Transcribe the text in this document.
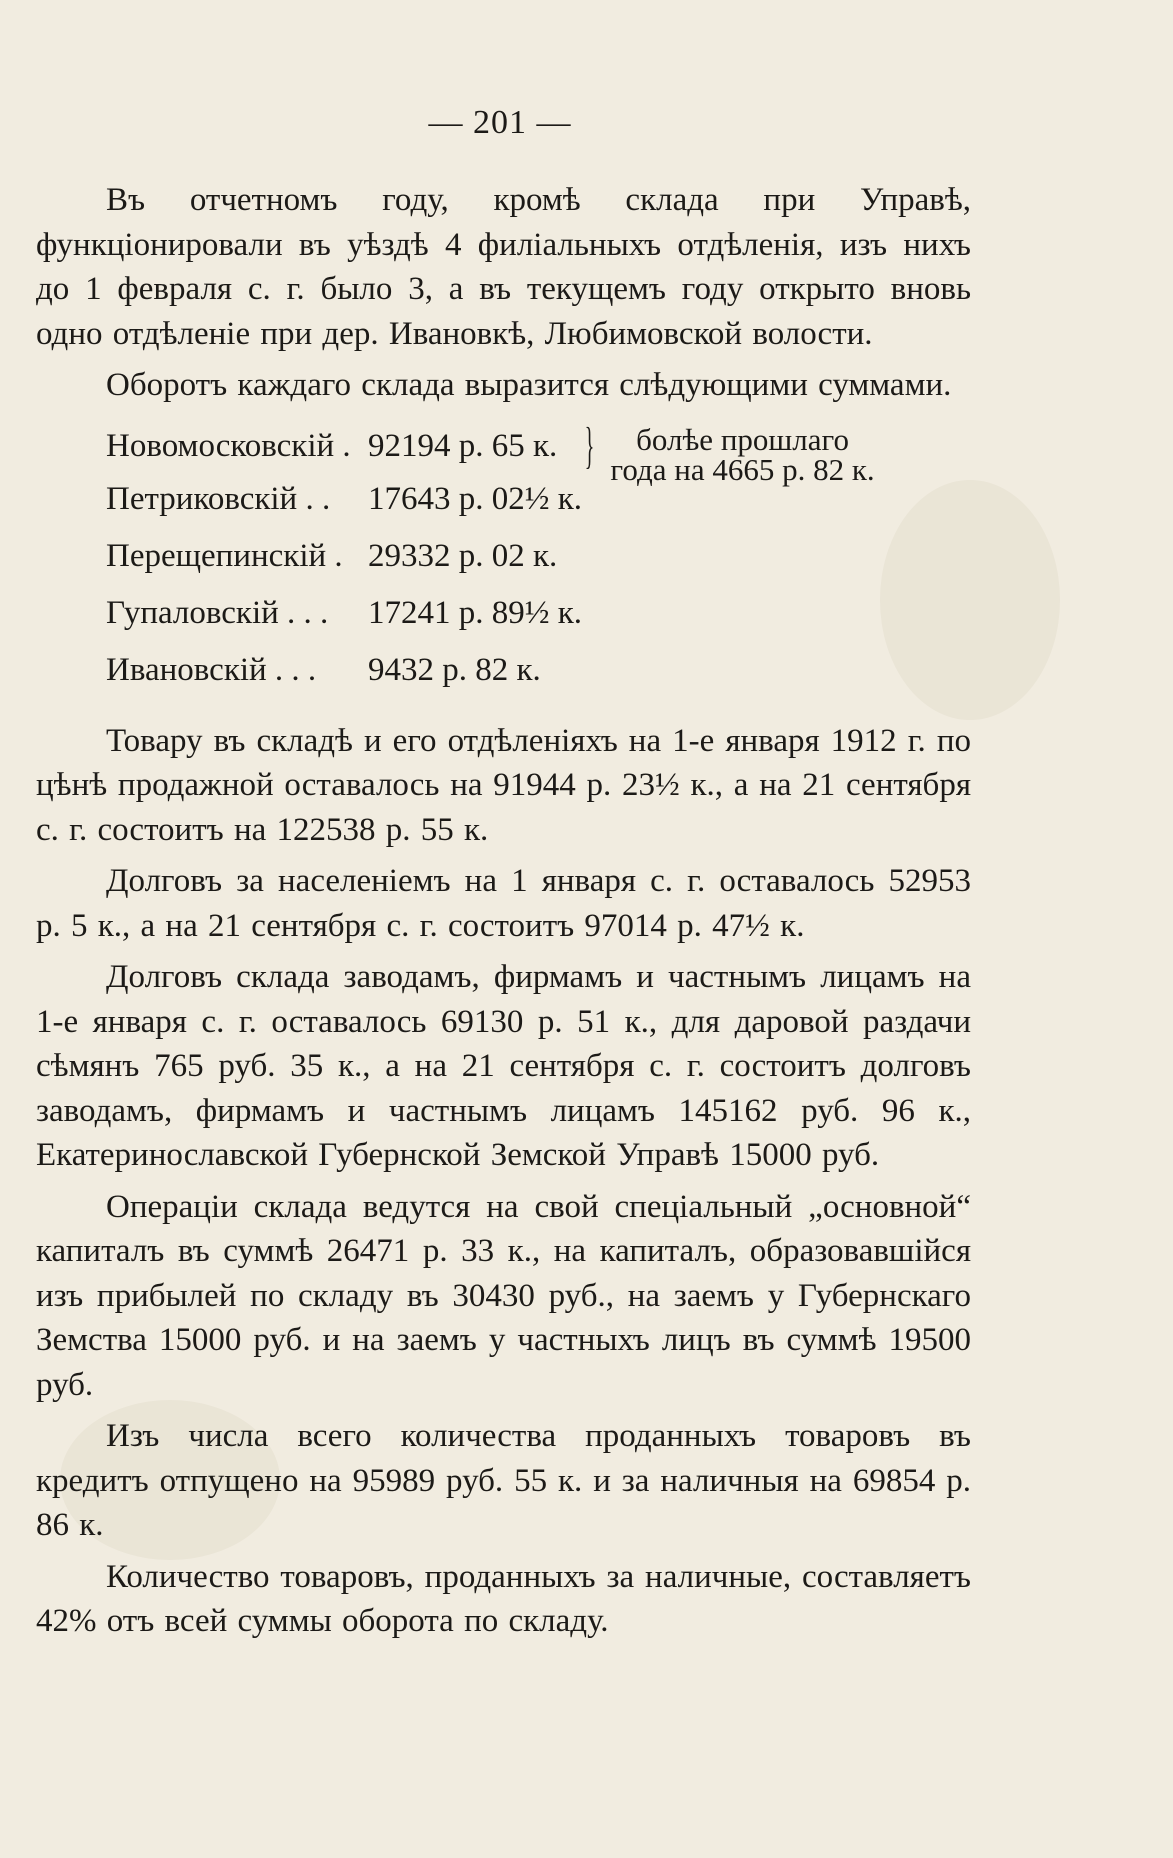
— 201 —

Въ отчетномъ году, кромѣ склада при Управѣ, функціонировали въ уѣздѣ 4 филіальныхъ отдѣленія, изъ нихъ до 1 февраля с. г. было 3, а въ текущемъ году открыто вновь одно отдѣленіе при дер. Ивановкѣ, Любимовской волости.

Оборотъ каждаго склада выразится слѣдующими суммами.

Новомосковскій . 92194 р. 65 к. }	болѣе прошлаго
года на 4665 р. 82 к.
Петриковскій . .	17643 р. 02½ к.
Перещепинскій . 29332 р. 02 к.
Гупаловскій . . .	17241 р. 89½ к.
Ивановскій . . .	9432 р. 82 к.

Товару въ складѣ и его отдѣленіяхъ на 1-е января 1912 г. по цѣнѣ продажной оставалось на 91944 р. 23½ к., а на 21 сентября с. г. состоитъ на 122538 р. 55 к.

Долговъ за населеніемъ на 1 января с. г. оставалось 52953 р. 5 к., а на 21 сентября с. г. состоитъ 97014 р. 47½ к.

Долговъ склада заводамъ, фирмамъ и частнымъ лицамъ на 1-е января с. г. оставалось 69130 р. 51 к., для даровой раздачи сѣмянъ 765 руб. 35 к., а на 21 сентября с. г. состоитъ долговъ заводамъ, фирмамъ и частнымъ лицамъ 145162 руб. 96 к., Екатеринославской Губернской Земской Управѣ 15000 руб.

Операціи склада ведутся на свой спеціальный „основной“ капиталъ въ суммѣ 26471 р. 33 к., на капиталъ, образовавшійся изъ прибылей по складу въ 30430 руб., на заемъ у Губернскаго Земства 15000 руб. и на заемъ у частныхъ лицъ въ суммѣ 19500 руб.

Изъ числа всего количества проданныхъ товаровъ въ кредитъ отпущено на 95989 руб. 55 к. и за наличныя на 69854 р. 86 к.

Количество товаровъ, проданныхъ за наличные, составляетъ 42% отъ всей суммы оборота по складу.
